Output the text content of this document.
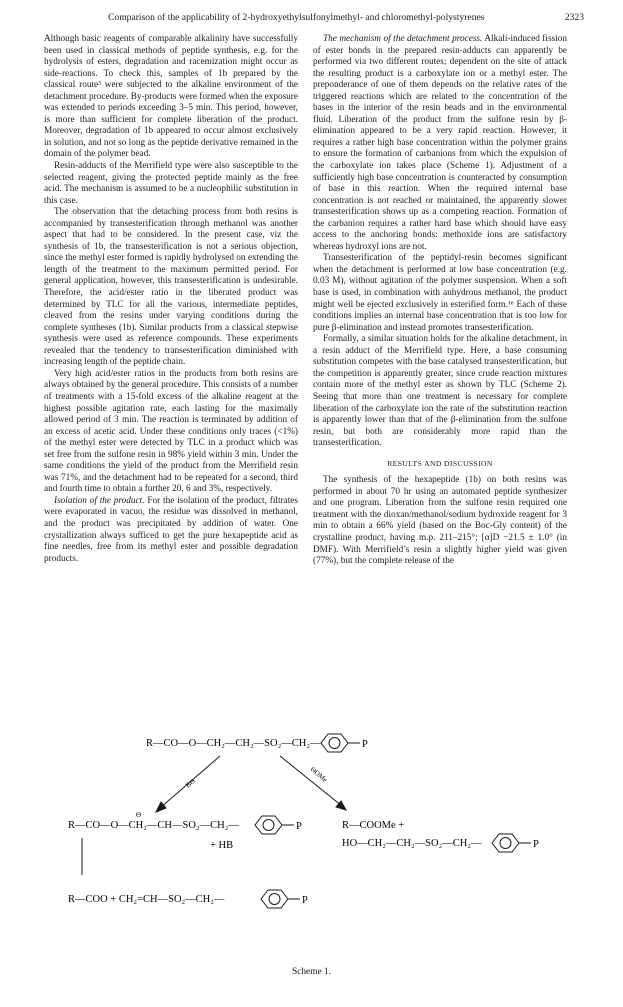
Comparison of the applicability of 2-hydroxyethylsulfonylmethyl- and chloromethyl-polystyrenes	2323

Although basic reagents of comparable alkalinity have successfully been used in classical methods of peptide synthesis, e.g. for the hydrolysis of esters, degradation and racemization might occur as side-reactions. To check this, samples of 1b prepared by the classical route³ were subjected to the alkaline environment of the detachment procedure. By-products were formed when the exposure was extended to periods exceeding 3–5 min. This period, however, is more than sufficient for complete liberation of the product. Moreover, degradation of 1b appeared to occur almost exclusively in solution, and not so long as the peptide derivative remained in the domain of the polymer bead.

Resin-adducts of the Merrifield type were also susceptible to the selected reagent, giving the protected peptide mainly as the free acid. The mechanism is assumed to be a nucleophilic substitution in this case.

The observation that the detaching process from both resins is accompanied by transesterification through methanol was another aspect that had to be considered. In the present case, viz the synthesis of 1b, the transesterification is not a serious objection, since the methyl ester formed is rapidly hydrolysed on extending the length of the treatment to the maximum permitted period. For general application, however, this transesterification is undesirable. Therefore, the acid/ester ratio in the liberated product was determined by TLC for all the various, intermediate peptides, cleaved from the resins under varying conditions during the complete syntheses (1b). Similar products from a classical stepwise synthesis were used as reference compounds. These experiments revealed that the tendency to transesterification diminished with increasing length of the peptide chain.

Very high acid/ester ratios in the products from both resins are always obtained by the general procedure. This consists of a number of treatments with a 15-fold excess of the alkaline reagent at the highest possible agitation rate, each lasting for the maximally allowed period of 3 min. The reaction is terminated by addition of an excess of acetic acid. Under these conditions only traces (<1%) of the methyl ester were detected by TLC in a product which was set free from the sulfone resin in 98% yield within 3 min. Under the same conditions the yield of the product from the Merrifield resin was 71%, and the detachment had to be repeated for a second, third and fourth time to obtain a further 20, 6 and 3%, respectively.

Isolation of the product. For the isolation of the product, filtrates were evaporated in vacuo, the residue was dissolved in methanol, and the product was precipitated by addition of water. One crystallization always sufficed to get the pure hexapeptide acid as fine needles, free from its methyl ester and possible degradation products.

The mechanism of the detachment process. Alkali-induced fission of ester bonds in the prepared resin-adducts can apparently be performed via two different routes; dependent on the site of attack the resulting product is a carboxylate ion or a methyl ester. The preponderance of one of them depends on the relative rates of the triggered reactions which are related to the concentration of the bases in the interior of the resin beads and in the environmental fluid. Liberation of the product from the sulfone resin by β-elimination appeared to be a very rapid reaction. However, it requires a rather high base concentration within the polymer grains to ensure the formation of carbanions from which the expulsion of the carboxylate ion takes place (Scheme 1). Adjustment of a sufficiently high base concentration is counteracted by consumption of base in this reaction. When the required internal base concentration is not reached or maintained, the apparently slower transesterification shows up as a competing reaction. Formation of the carbanion requires a rather hard base which should have easy access to the anchoring bonds: methoxide ions are satisfactory whereas hydroxyl ions are not.

Transesterification of the peptidyl-resin becomes significant when the detachment is performed at low base concentration (e.g. 0.03 M), without agitation of the polymer suspension. When a soft base is used, in combination with anhydrous methanol, the product might well be ejected exclusively in esterified form.¹⁶ Each of these conditions implies an internal base concentration that is too low for pure β-elimination and instead promotes transesterification.

Formally, a similar situation holds for the alkaline detachment, in a resin adduct of the Merrifield type. Here, a base consuming substitution competes with the base catalysed transesterification, but the competition is apparently greater, since crude reaction mixtures contain more of the methyl ester as shown by TLC (Scheme 2). Seeing that more than one treatment is necessary for complete liberation of the carboxylate ion the rate of the substitution reaction is apparently lower than that of the β-elimination from the sulfone resin, but both are considerably more rapid than the transesterification.

RESULTS AND DISCUSSION

The synthesis of the hexapeptide (1b) on both resins was performed in about 70 hr using an automated peptide synthesizer and one program. Liberation from the sulfone resin required one treatment with the dioxan/methanol/sodium hydroxide reagent for 3 min to obtain a 66% yield (based on the Boc-Gly content) of the crystalline product, having m.p. 211–215°; [α]D −21.5 ± 1.0° (in DMF). With Merrifield’s resin a slightly higher yield was given (77%), but the complete release of the

R—CO—O—CH₂—CH₂—SO₂—CH₂—	P
BΘ	ΘOMe
R—CO—O—CH₂—CH—SO₂—CH₂—
Θ
P
+ HB
R—COOMe +
HO—CH₂—CH₂—SO₂—CH₂—	P
R—COO + CH₂=CH—SO₂—CH₂—	P
Scheme 1.
